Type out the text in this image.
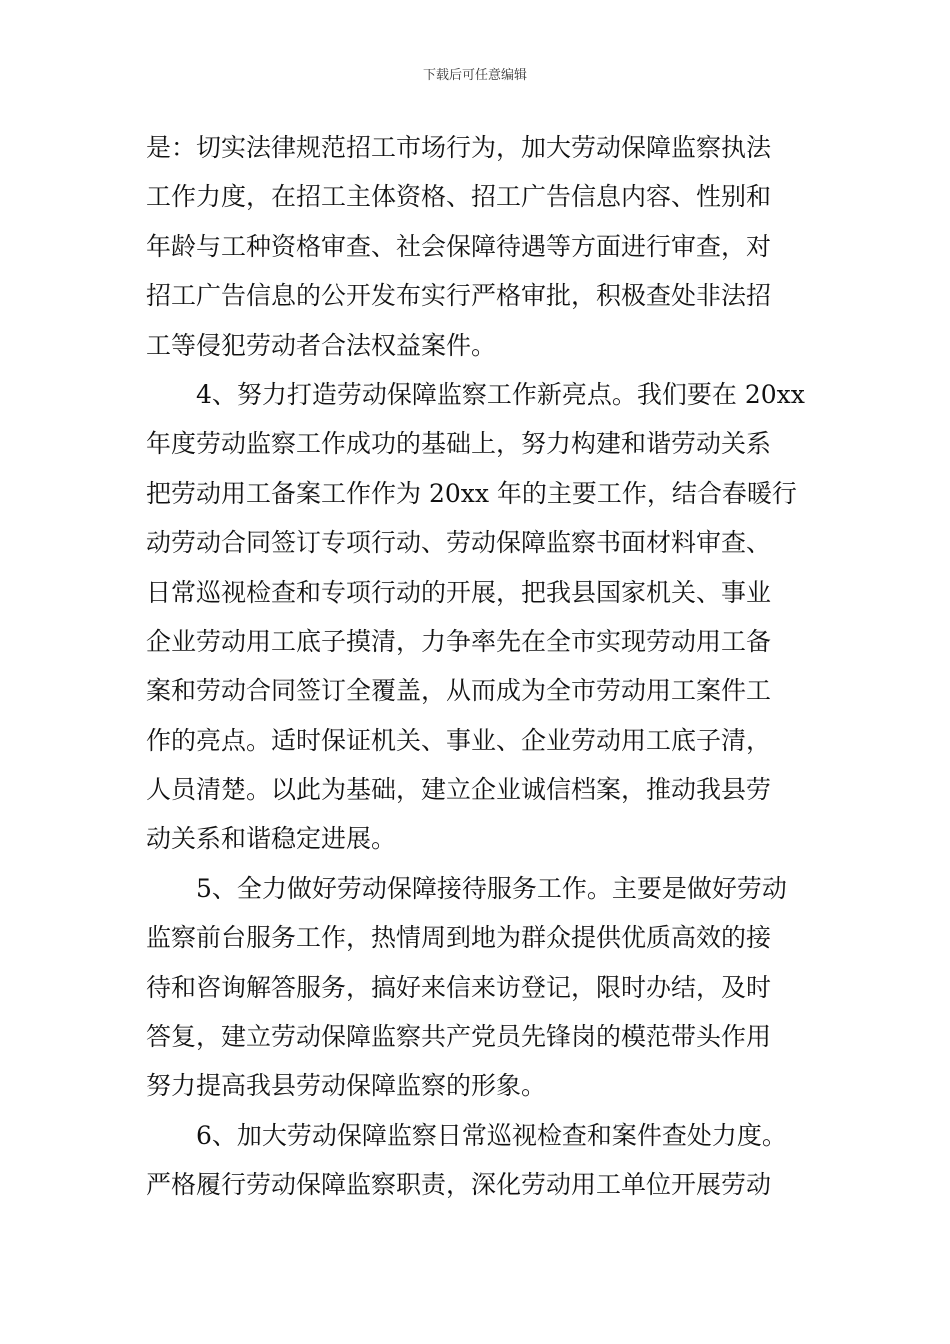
下载后可任意编辑
是：切实法律规范招工市场行为，加大劳动保障监察执法
工作力度，在招工主体资格、招工广告信息内容、性别和
年龄与工种资格审查、社会保障待遇等方面进行审查，对
招工广告信息的公开发布实行严格审批，积极查处非法招
工等侵犯劳动者合法权益案件。
4、努力打造劳动保障监察工作新亮点。我们要在 20xx
年度劳动监察工作成功的基础上，努力构建和谐劳动关系
把劳动用工备案工作作为 20xx 年的主要工作，结合春暖行
动劳动合同签订专项行动、劳动保障监察书面材料审查、
日常巡视检查和专项行动的开展，把我县国家机关、事业
企业劳动用工底子摸清，力争率先在全市实现劳动用工备
案和劳动合同签订全覆盖，从而成为全市劳动用工案件工
作的亮点。适时保证机关、事业、企业劳动用工底子清，
人员清楚。以此为基础，建立企业诚信档案，推动我县劳
动关系和谐稳定进展。
5、全力做好劳动保障接待服务工作。主要是做好劳动
监察前台服务工作，热情周到地为群众提供优质高效的接
待和咨询解答服务，搞好来信来访登记，限时办结，及时
答复，建立劳动保障监察共产党员先锋岗的模范带头作用
努力提高我县劳动保障监察的形象。
6、加大劳动保障监察日常巡视检查和案件查处力度。
严格履行劳动保障监察职责，深化劳动用工单位开展劳动
